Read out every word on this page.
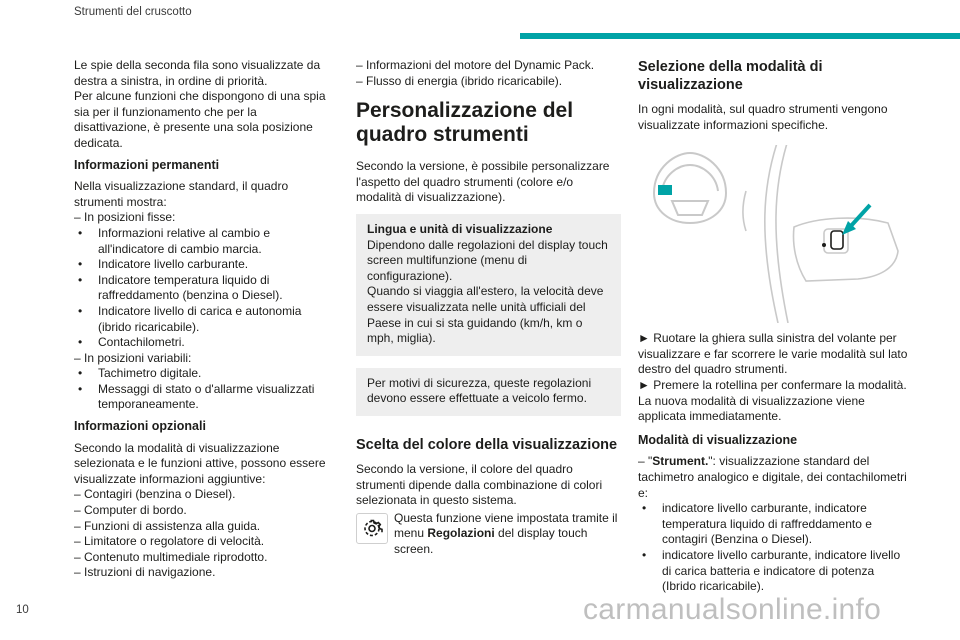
Strumenti del cruscotto

Le spie della seconda fila sono visualizzate da destra a sinistra, in ordine di priorità.

Per alcune funzioni che dispongono di una spia sia per il funzionamento che per la disattivazione, è presente una sola posizione dedicata.

Informazioni permanenti

Nella visualizzazione standard, il quadro strumenti mostra:

– In posizioni fisse:

• Informazioni relative al cambio e

all'indicatore di cambio marcia.

• Indicatore livello carburante.

• Indicatore temperatura liquido di

raffreddamento (benzina o Diesel).

• Indicatore livello di carica e autonomia

(ibrido ricaricabile).

• Contachilometri.

– In posizioni variabili:

• Tachimetro digitale.

• Messaggi di stato o d'allarme visualizzati

temporaneamente.

Informazioni opzionali

Secondo la modalità di visualizzazione selezionata e le funzioni attive, possono essere visualizzate informazioni aggiuntive:

– Contagiri (benzina o Diesel).

– Computer di bordo.

– Funzioni di assistenza alla guida.

– Limitatore o regolatore di velocità.

– Contenuto multimediale riprodotto.

– Istruzioni di navigazione.

– Informazioni del motore del Dynamic Pack.

– Flusso di energia (ibrido ricaricabile).

Personalizzazione del quadro strumenti

Secondo la versione, è possibile personalizzare l'aspetto del quadro strumenti (colore e/o modalità di visualizzazione).

Lingua e unità di visualizzazione

Dipendono dalle regolazioni del display touch screen multifunzione (menu di configurazione).

Quando si viaggia all'estero, la velocità deve essere visualizzata nelle unità ufficiali del Paese in cui si sta guidando (km/h, km o mph, miglia).

Per motivi di sicurezza, queste regolazioni devono essere effettuate a veicolo fermo.

Scelta del colore della visualizzazione

Secondo la versione, il colore del quadro strumenti dipende dalla combinazione di colori selezionata in questo sistema.

Questa funzione viene impostata tramite il menu Regolazioni del display touch screen.

Selezione della modalità di visualizzazione

In ogni modalità, sul quadro strumenti vengono visualizzate informazioni specifiche.

► Ruotare la ghiera sulla sinistra del volante per visualizzare e far scorrere le varie modalità sul lato destro del quadro strumenti.

► Premere la rotellina per confermare la modalità.

La nuova modalità di visualizzazione viene applicata immediatamente.

Modalità di visualizzazione

– "Strument.": visualizzazione standard del tachimetro analogico e digitale, dei contachilometri e:

• indicatore livello carburante, indicatore

temperatura liquido di raffreddamento e

contagiri (Benzina o Diesel).

• indicatore livello carburante, indicatore livello

di carica batteria e indicatore di potenza

(Ibrido ricaricabile).

10	carmanualsonline.info
